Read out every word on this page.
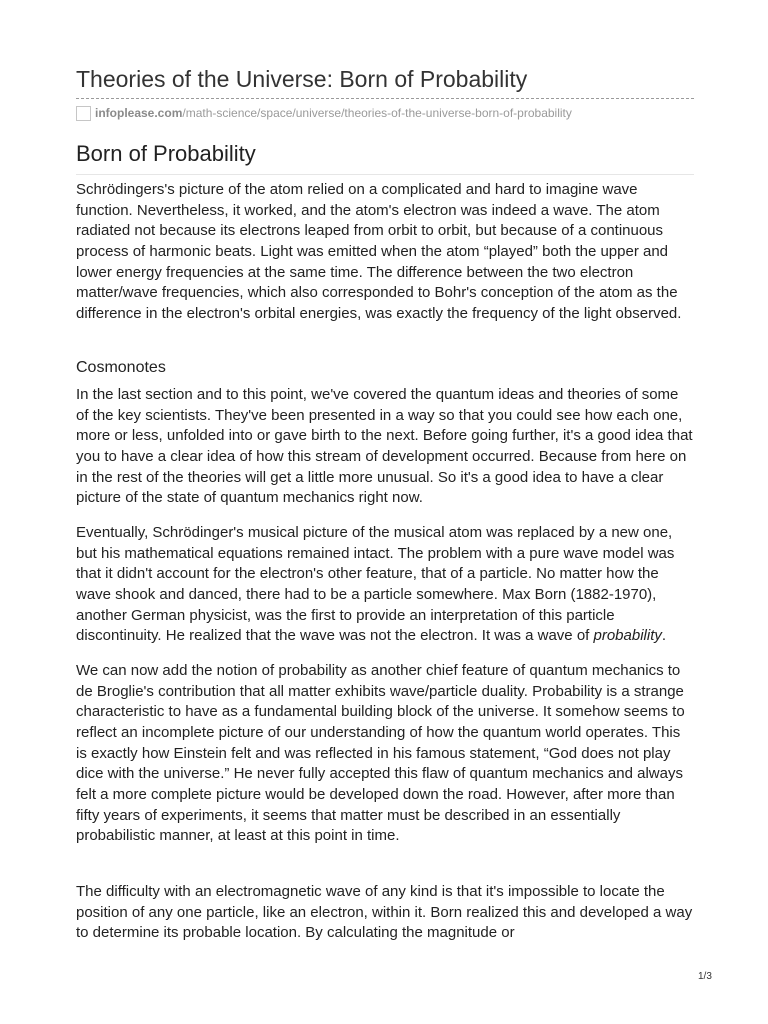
Theories of the Universe: Born of Probability
infoplease.com /math-science/space/universe/theories-of-the-universe-born-of-probability
Born of Probability

Schrödingers's picture of the atom relied on a complicated and hard to imagine wave function. Nevertheless, it worked, and the atom's electron was indeed a wave. The atom radiated not because its electrons leaped from orbit to orbit, but because of a continuous process of harmonic beats. Light was emitted when the atom “played” both the upper and lower energy frequencies at the same time. The difference between the two electron matter/wave frequencies, which also corresponded to Bohr's conception of the atom as the difference in the electron's orbital energies, was exactly the frequency of the light observed.

Cosmonotes

In the last section and to this point, we've covered the quantum ideas and theories of some of the key scientists. They've been presented in a way so that you could see how each one, more or less, unfolded into or gave birth to the next. Before going further, it's a good idea that you to have a clear idea of how this stream of development occurred. Because from here on in the rest of the theories will get a little more unusual. So it's a good idea to have a clear picture of the state of quantum mechanics right now.

Eventually, Schrödinger's musical picture of the musical atom was replaced by a new one, but his mathematical equations remained intact. The problem with a pure wave model was that it didn't account for the electron's other feature, that of a particle. No matter how the wave shook and danced, there had to be a particle somewhere. Max Born (1882-1970), another German physicist, was the first to provide an interpretation of this particle discontinuity. He realized that the wave was not the electron. It was a wave of probability.

We can now add the notion of probability as another chief feature of quantum mechanics to de Broglie's contribution that all matter exhibits wave/particle duality. Probability is a strange characteristic to have as a fundamental building block of the universe. It somehow seems to reflect an incomplete picture of our understanding of how the quantum world operates. This is exactly how Einstein felt and was reflected in his famous statement, “God does not play dice with the universe.” He never fully accepted this flaw of quantum mechanics and always felt a more complete picture would be developed down the road. However, after more than fifty years of experiments, it seems that matter must be described in an essentially probabilistic manner, at least at this point in time.

The difficulty with an electromagnetic wave of any kind is that it's impossible to locate the position of any one particle, like an electron, within it. Born realized this and developed a way to determine its probable location. By calculating the magnitude or

1/3
